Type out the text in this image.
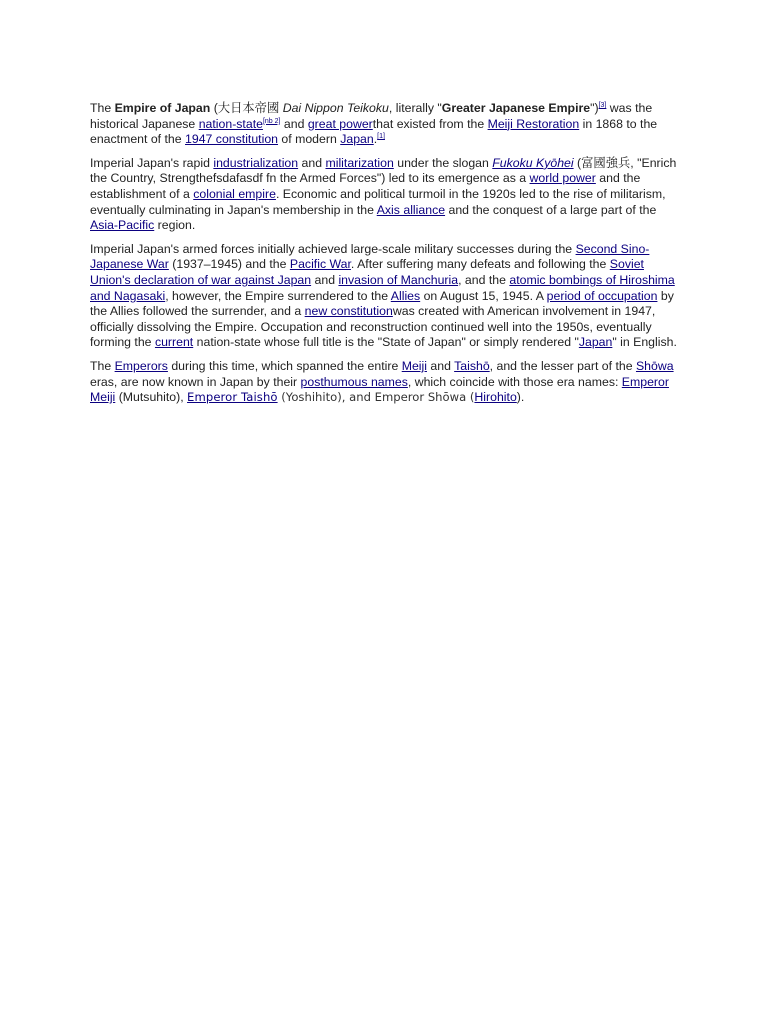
The Empire of Japan (大日本帝國 Dai Nippon Teikoku, literally "Greater Japanese Empire")[3] was the historical Japanese nation-state[nb 2] and great powerthat existed from the Meiji Restoration in 1868 to the enactment of the 1947 constitution of modern Japan.[1]

Imperial Japan's rapid industrialization and militarization under the slogan Fukoku Kyōhei (富國強兵, "Enrich the Country, Strengthefsdafasdf fn the Armed Forces") led to its emergence as a world power and the establishment of a colonial empire. Economic and political turmoil in the 1920s led to the rise of militarism, eventually culminating in Japan's membership in the Axis alliance and the conquest of a large part of the Asia-Pacific region.

Imperial Japan's armed forces initially achieved large-scale military successes during the Second Sino-Japanese War (1937–1945) and the Pacific War. After suffering many defeats and following the Soviet Union's declaration of war against Japan and invasion of Manchuria, and the atomic bombings of Hiroshima and Nagasaki, however, the Empire surrendered to the Allies on August 15, 1945. A period of occupation by the Allies followed the surrender, and a new constitutionwas created with American involvement in 1947, officially dissolving the Empire. Occupation and reconstruction continued well into the 1950s, eventually forming the current nation-state whose full title is the "State of Japan" or simply rendered "Japan" in English.

The Emperors during this time, which spanned the entire Meiji and Taishō, and the lesser part of the Shōwa eras, are now known in Japan by their posthumous names, which coincide with those era names: Emperor Meiji (Mutsuhito), Emperor Taishō (Yoshihito), and Emperor Shōwa (Hirohito).
